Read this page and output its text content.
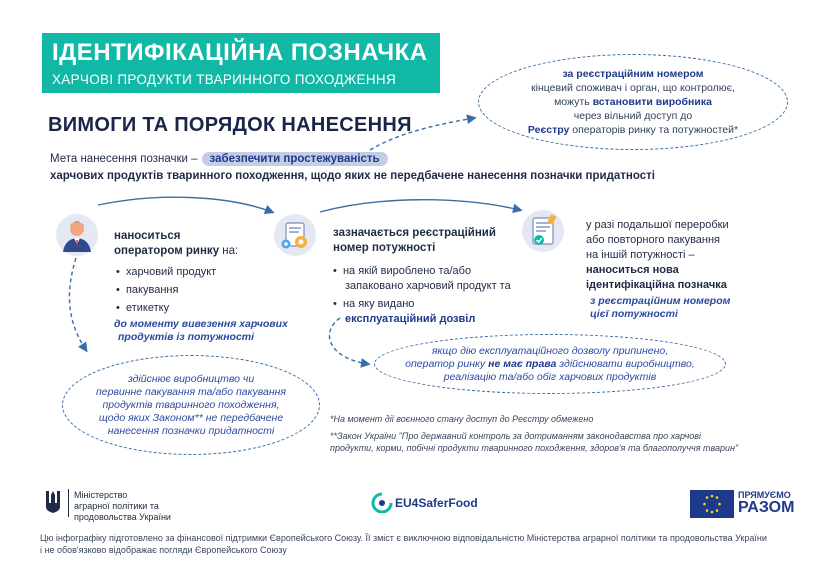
ІДЕНТИФІКАЦІЙНА ПОЗНАЧКА
ХАРЧОВІ ПРОДУКТИ ТВАРИННОГО ПОХОДЖЕННЯ
ВИМОГИ ТА ПОРЯДОК НАНЕСЕННЯ
за реєстраційним номером
кінцевий споживач і орган, що контролює,
можуть встановити виробника
через вільний доступ до
Реєстру операторів ринку та потужностей*
Мета нанесення позначки – забезпечити простежуваність
харчових продуктів тваринного походження, щодо яких не передбачене нанесення позначки придатності
наноситься
оператором ринку на:
•  харчовий продукт
•  пакування
•  етикетку
до моменту вивезення харчових
продуктів із потужності
зазначається реєстраційний
номер потужності
•  на якій вироблено та/або
запаковано харчовий продукт та
•  на яку видано
експлуатаційний дозвіл
у разі подальшої переробки
або повторного пакування
на іншій потужності –
наноситься нова
ідентифікаційна позначка
з реєстраційним номером
цієї потужності
здійснює виробництво чи
первинне пакування та/або пакування
продуктів тваринного походження,
щодо яких Законом** не передбачене
нанесення позначки придатності
якщо дію експлуатаційного дозволу припинено,
оператор ринку не має права здійснювати виробництво,
реалізацію та/або обіг харчових продуктів
*На момент дії воєнного стану доступ до Реєстру обмежено
**Закон України "Про державний контроль за дотриманням законодавства про харчові
продукти, корми, побічні продукти тваринного походження, здоров'я та благополуччя тварин"
Міністерство
аграрної політики та
продовольства України
EU4SaferFood
ПРЯМУЄМО
РАЗОМ
Цю інфографіку підготовлено за фінансової підтримки Європейського Союзу. Її зміст є виключною відповідальністю Міністерства аграрної політики та продовольства України
і не обов'язково відображає погляди Європейського Союзу
